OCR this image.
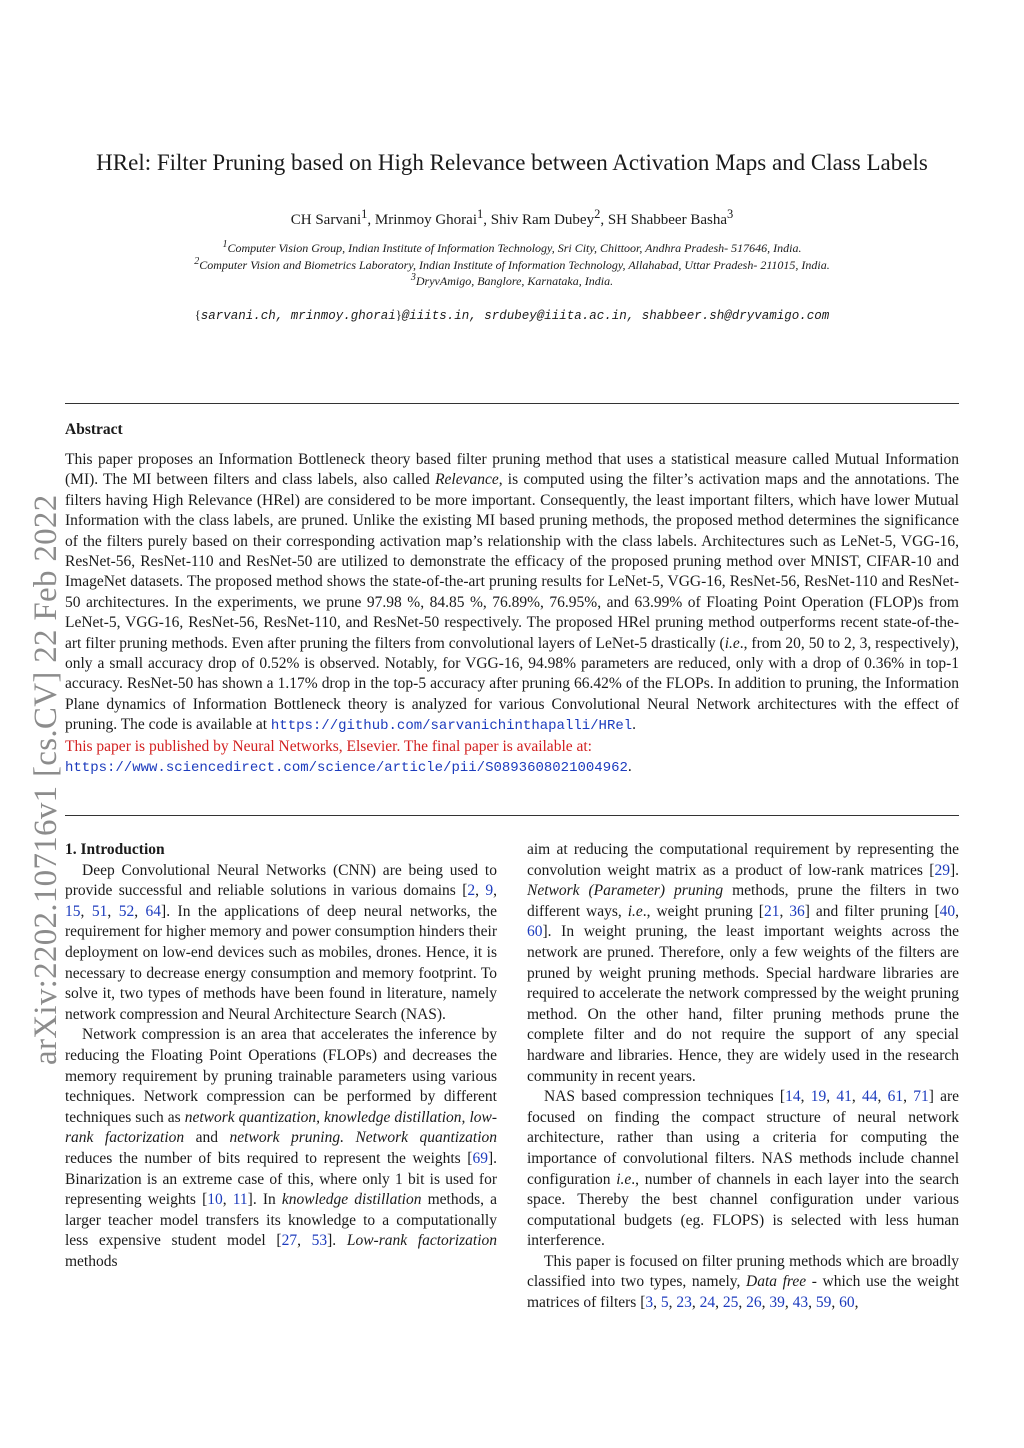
arXiv:2202.10716v1 [cs.CV] 22 Feb 2022
HRel: Filter Pruning based on High Relevance between Activation Maps and Class Labels
CH Sarvani$^1$, Mrinmoy Ghorai$^1$, Shiv Ram Dubey$^2$, SH Shabbeer Basha$^3$
$^1$Computer Vision Group, Indian Institute of Information Technology, Sri City, Chittoor, Andhra Pradesh- 517646, India.
$^2$Computer Vision and Biometrics Laboratory, Indian Institute of Information Technology, Allahabad, Uttar Pradesh- 211015, India.
$^3$DryvAmigo, Banglore, Karnataka, India.
{sarvani.ch, mrinmoy.ghorai}@iiits.in, srdubey@iiita.ac.in, shabbeer.sh@dryvamigo.com
Abstract
This paper proposes an Information Bottleneck theory based filter pruning method that uses a statistical measure called Mutual Information (MI). The MI between filters and class labels, also called Relevance, is computed using the filter’s activation maps and the annotations. The filters having High Relevance (HRel) are considered to be more important. Consequently, the least important filters, which have lower Mutual Information with the class labels, are pruned. Unlike the existing MI based pruning methods, the proposed method determines the significance of the filters purely based on their corresponding activation map’s relationship with the class labels. Architectures such as LeNet-5, VGG-16, ResNet-56, ResNet-110 and ResNet-50 are utilized to demonstrate the efficacy of the proposed pruning method over MNIST, CIFAR-10 and ImageNet datasets. The proposed method shows the state-of-the-art pruning results for LeNet-5, VGG-16, ResNet-56, ResNet-110 and ResNet-50 architectures. In the experiments, we prune 97.98 %, 84.85 %, 76.89%, 76.95%, and 63.99% of Floating Point Operation (FLOP)s from LeNet-5, VGG-16, ResNet-56, ResNet-110, and ResNet-50 respectively. The proposed HRel pruning method outperforms recent state-of-the-art filter pruning methods. Even after pruning the filters from convolutional layers of LeNet-5 drastically (i.e., from 20, 50 to 2, 3, respectively), only a small accuracy drop of 0.52% is observed. Notably, for VGG-16, 94.98% parameters are reduced, only with a drop of 0.36% in top-1 accuracy. ResNet-50 has shown a 1.17% drop in the top-5 accuracy after pruning 66.42% of the FLOPs. In addition to pruning, the Information Plane dynamics of Information Bottleneck theory is analyzed for various Convolutional Neural Network architectures with the effect of pruning. The code is available at https://github.com/sarvanichinthapalli/HRel.
This paper is published by Neural Networks, Elsevier. The final paper is available at:
https://www.sciencedirect.com/science/article/pii/S0893608021004962.

1. Introduction

Deep Convolutional Neural Networks (CNN) are being used to provide successful and reliable solutions in various domains [2, 9, 15, 51, 52, 64]. In the applications of deep neural networks, the requirement for higher memory and power consumption hinders their deployment on low-end devices such as mobiles, drones. Hence, it is necessary to decrease energy consumption and memory footprint. To solve it, two types of methods have been found in literature, namely network compression and Neural Architecture Search (NAS).

Network compression is an area that accelerates the inference by reducing the Floating Point Operations (FLOPs) and decreases the memory requirement by pruning trainable parameters using various techniques. Network compression can be performed by different techniques such as network quantization, knowledge distillation, low-rank factorization and network pruning. Network quantization reduces the number of bits required to represent the weights [69]. Binarization is an extreme case of this, where only 1 bit is used for representing weights [10, 11]. In knowledge distillation methods, a larger teacher model transfers its knowledge to a computationally less expensive student model [27, 53]. Low-rank factorization methods

aim at reducing the computational requirement by representing the convolution weight matrix as a product of low-rank matrices [29]. Network (Parameter) pruning methods, prune the filters in two different ways, i.e., weight pruning [21, 36] and filter pruning [40, 60]. In weight pruning, the least important weights across the network are pruned. Therefore, only a few weights of the filters are pruned by weight pruning methods. Special hardware libraries are required to accelerate the network compressed by the weight pruning method. On the other hand, filter pruning methods prune the complete filter and do not require the support of any special hardware and libraries. Hence, they are widely used in the research community in recent years.

NAS based compression techniques [14, 19, 41, 44, 61, 71] are focused on finding the compact structure of neural network architecture, rather than using a criteria for computing the importance of convolutional filters. NAS methods include channel configuration i.e., number of channels in each layer into the search space. Thereby the best channel configuration under various computational budgets (eg. FLOPS) is selected with less human interference.

This paper is focused on filter pruning methods which are broadly classified into two types, namely, Data free - which use the weight matrices of filters [3, 5, 23, 24, 25, 26, 39, 43, 59, 60,
